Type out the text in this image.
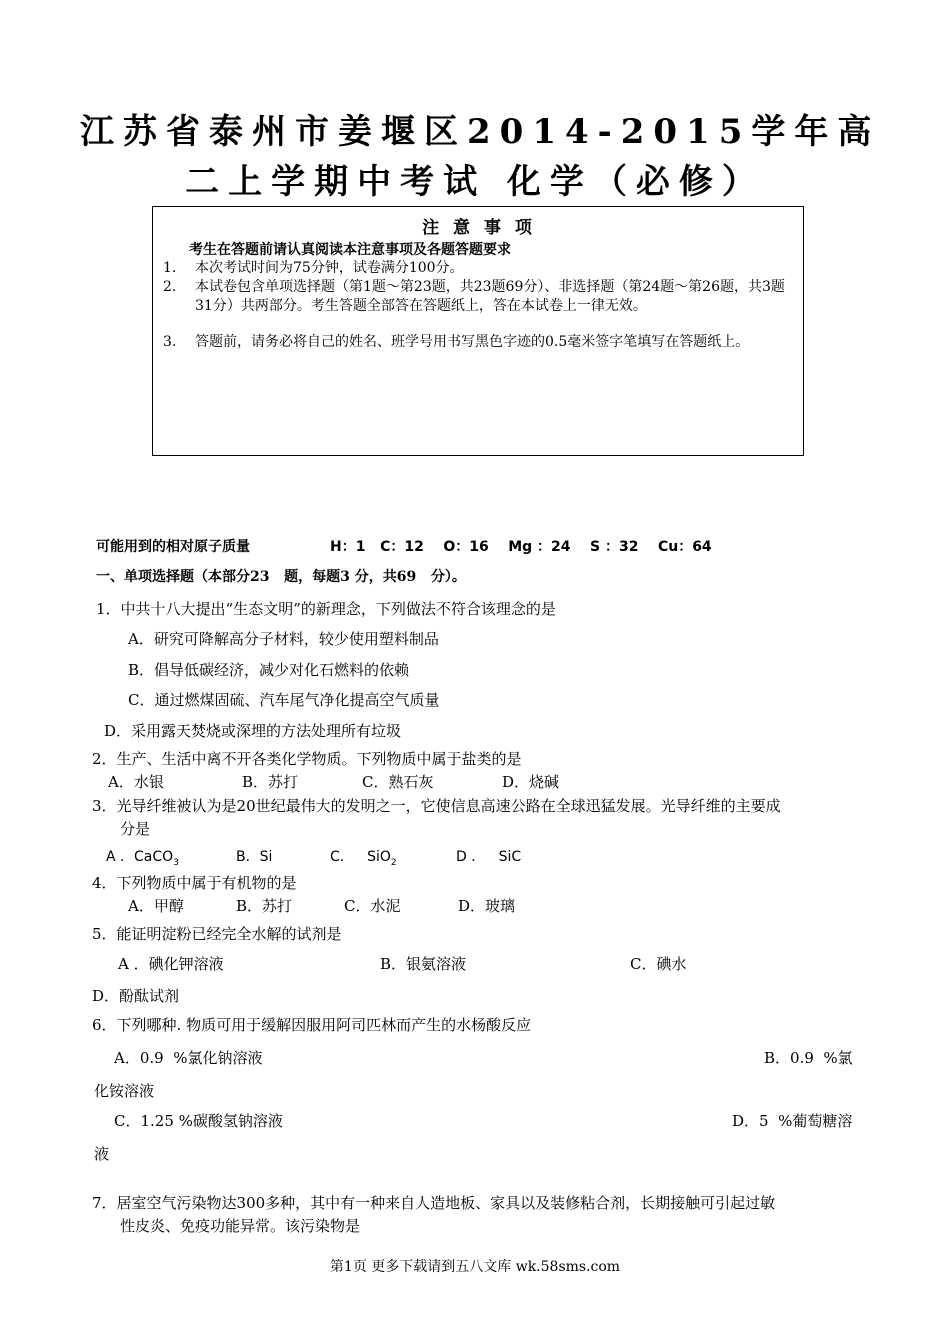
江苏省泰州市姜堰区2014-2015学年高
二上学期中考试 化学（必修）
注 意 事 项
考生在答题前请认真阅读本注意事项及各题答题要求
1.	本次考试时间为75分钟，试卷满分100分。
2.	本试卷包含单项选择题（第1题～第23题，共23题69分）、非选择题（第24题～第26题，共3题31分）共两部分。考生答题全部答在答题纸上，答在本试卷上一律无效。
3.	答题前，请务必将自己的姓名、班学号用书写黑色字迹的0.5毫米签字笔填写在答题纸上。
可能用到的相对原子质量	H：1   C：12    O：16    Mg ：24    S ：32    Cu：64
一、单项选择题（本部分23   题，每题3 分，共69   分）。
1．中共十八大提出“生态文明”的新理念，下列做法不符合该理念的是
A．研究可降解高分子材料，较少使用塑料制品
B．倡导低碳经济，减少对化石燃料的依赖
C．通过燃煤固硫、汽车尾气净化提高空气质量
D．采用露天焚烧或深埋的方法处理所有垃圾
2．生产、生活中离不开各类化学物质。下列物质中属于盐类的是
A．水银	B．苏打	C．熟石灰	D．烧碱
3．光导纤维被认为是20世纪最伟大的发明之一，它使信息高速公路在全球迅猛发展。光导纤维的主要成
分是
A ．CaCO$_3$	B．Si	C．   SiO$_2$	D ．   SiC
4．下列物质中属于有机物的是
A．甲醇	B．苏打	C．水泥	D．玻璃
5．能证明淀粉已经完全水解的试剂是
A ．碘化钾溶液	B．银氨溶液	C．碘水
D．酚酞试剂
6．下列哪种. 物质可用于缓解因服用阿司匹林而产生的水杨酸反应
A．0.9  %氯化钠溶液	B．0.9  %氯
化铵溶液
C．1.25 %碳酸氢钠溶液	D．5  %葡萄糖溶
液
7．居室空气污染物达300多种，其中有一种来自人造地板、家具以及装修粘合剂，长期接触可引起过敏
性皮炎、免疫功能异常。该污染物是
第1页 更多下载请到五八文库 wk.58sms.com
